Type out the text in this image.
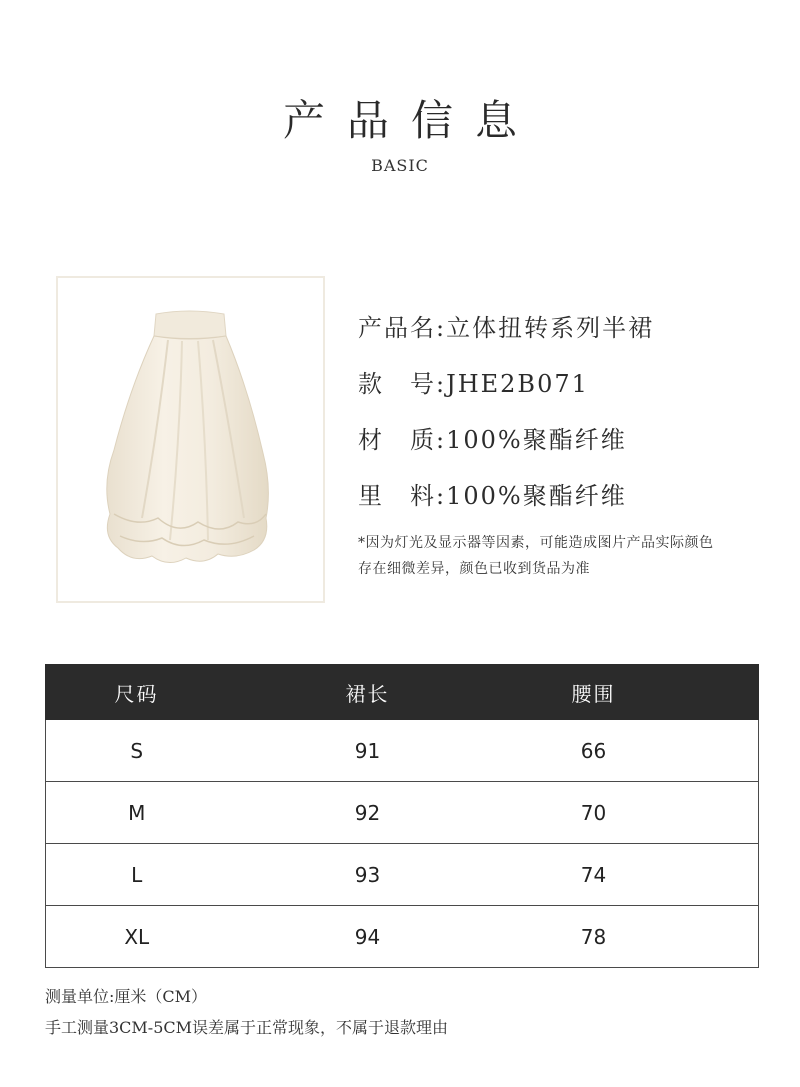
产品信息
BASIC
产品名:立体扭转系列半裙
款　号:JHE2B071
材　质:100%聚酯纤维
里　料:100%聚酯纤维
*因为灯光及显示器等因素，可能造成图片产品实际颜色
存在细微差异，颜色已收到货品为准
尺码	裙长	腰围	
S	91	66	
M	92	70	
L	93	74	
XL	94	78	
测量单位:厘米（CM）
手工测量3CM-5CM误差属于正常现象，不属于退款理由
